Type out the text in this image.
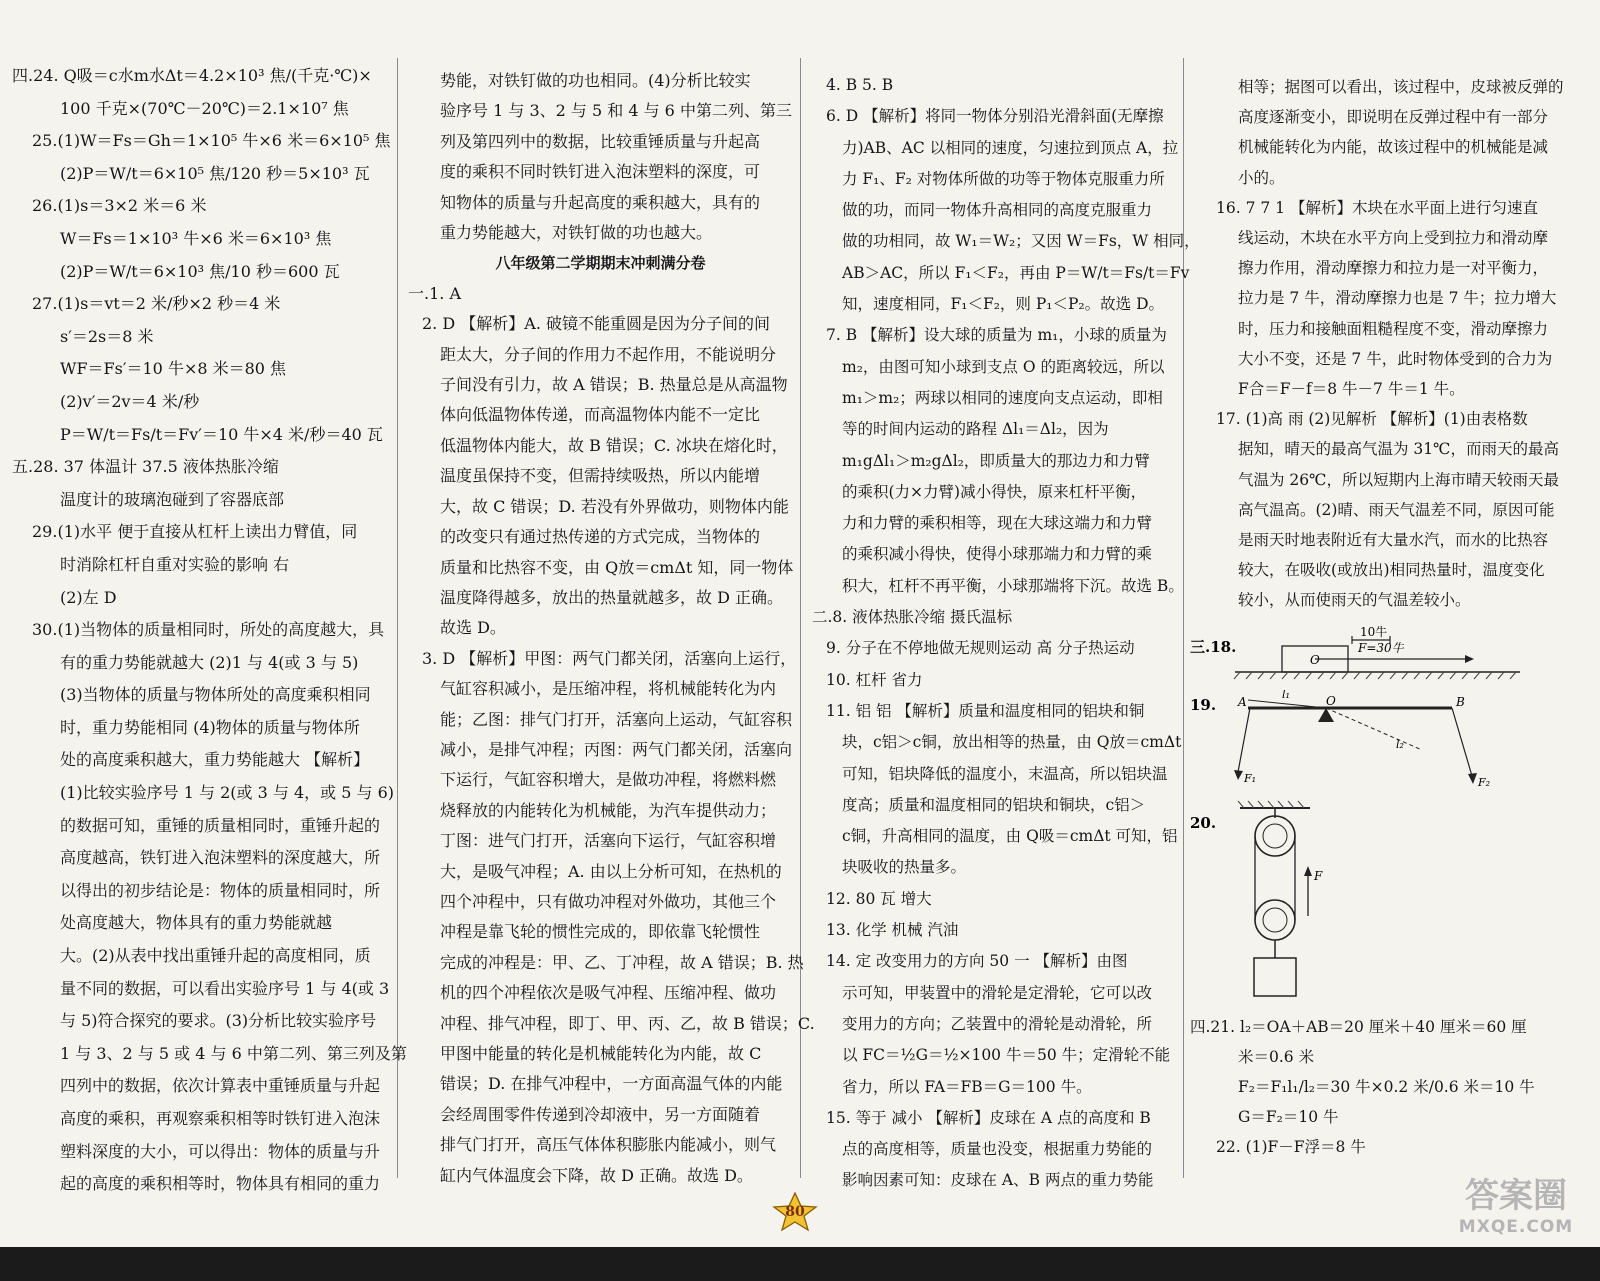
四.24. Q吸＝c水m水Δt＝4.2×10³ 焦/(千克·℃)×

100 千克×(70℃－20℃)＝2.1×10⁷ 焦

25.(1)W＝Fs＝Gh＝1×10⁵ 牛×6 米＝6×10⁵ 焦

(2)P＝W/t＝6×10⁵ 焦/120 秒＝5×10³ 瓦

26.(1)s＝3×2 米＝6 米

W＝Fs＝1×10³ 牛×6 米＝6×10³ 焦

(2)P＝W/t＝6×10³ 焦/10 秒＝600 瓦

27.(1)s＝vt＝2 米/秒×2 秒＝4 米

s′＝2s＝8 米

WF＝Fs′＝10 牛×8 米＝80 焦

(2)v′＝2v＝4 米/秒

P＝W/t＝Fs/t＝Fv′＝10 牛×4 米/秒＝40 瓦

五.28. 37 体温计 37.5 液体热胀冷缩

温度计的玻璃泡碰到了容器底部

29.(1)水平 便于直接从杠杆上读出力臂值，同

时消除杠杆自重对实验的影响 右

(2)左 D

30.(1)当物体的质量相同时，所处的高度越大，具

有的重力势能就越大 (2)1 与 4(或 3 与 5)

(3)当物体的质量与物体所处的高度乘积相同

时，重力势能相同 (4)物体的质量与物体所

处的高度乘积越大，重力势能越大 【解析】

(1)比较实验序号 1 与 2(或 3 与 4，或 5 与 6)

的数据可知，重锤的质量相同时，重锤升起的

高度越高，铁钉进入泡沫塑料的深度越大，所

以得出的初步结论是：物体的质量相同时，所

处高度越大，物体具有的重力势能就越

大。(2)从表中找出重锤升起的高度相同，质

量不同的数据，可以看出实验序号 1 与 4(或 3

与 5)符合探究的要求。(3)分析比较实验序号

1 与 3、2 与 5 或 4 与 6 中第二列、第三列及第

四列中的数据，依次计算表中重锤质量与升起

高度的乘积，再观察乘积相等时铁钉进入泡沫

塑料深度的大小，可以得出：物体的质量与升

起的高度的乘积相等时，物体具有相同的重力

势能，对铁钉做的功也相同。(4)分析比较实

验序号 1 与 3、2 与 5 和 4 与 6 中第二列、第三

列及第四列中的数据，比较重锤质量与升起高

度的乘积不同时铁钉进入泡沫塑料的深度，可

知物体的质量与升起高度的乘积越大，具有的

重力势能越大，对铁钉做的功也越大。

八年级第二学期期末冲刺满分卷

一.1. A

2. D 【解析】A. 破镜不能重圆是因为分子间的间

距太大，分子间的作用力不起作用，不能说明分

子间没有引力，故 A 错误；B. 热量总是从高温物

体向低温物体传递，而高温物体内能不一定比

低温物体内能大，故 B 错误；C. 冰块在熔化时，

温度虽保持不变，但需持续吸热，所以内能增

大，故 C 错误；D. 若没有外界做功，则物体内能

的改变只有通过热传递的方式完成，当物体的

质量和比热容不变，由 Q放＝cmΔt 知，同一物体

温度降得越多，放出的热量就越多，故 D 正确。

故选 D。

3. D 【解析】甲图：两气门都关闭，活塞向上运行，

气缸容积减小，是压缩冲程，将机械能转化为内

能；乙图：排气门打开，活塞向上运动，气缸容积

减小，是排气冲程；丙图：两气门都关闭，活塞向

下运行，气缸容积增大，是做功冲程，将燃料燃

烧释放的内能转化为机械能，为汽车提供动力；

丁图：进气门打开，活塞向下运行，气缸容积增

大，是吸气冲程；A. 由以上分析可知，在热机的

四个冲程中，只有做功冲程对外做功，其他三个

冲程是靠飞轮的惯性完成的，即依靠飞轮惯性

完成的冲程是：甲、乙、丁冲程，故 A 错误；B. 热

机的四个冲程依次是吸气冲程、压缩冲程、做功

冲程、排气冲程，即丁、甲、丙、乙，故 B 错误；C.

甲图中能量的转化是机械能转化为内能，故 C

错误；D. 在排气冲程中，一方面高温气体的内能

会经周围零件传递到冷却液中，另一方面随着

排气门打开，高压气体体积膨胀内能减小，则气

缸内气体温度会下降，故 D 正确。故选 D。

4. B 5. B

6. D 【解析】将同一物体分别沿光滑斜面(无摩擦

力)AB、AC 以相同的速度，匀速拉到顶点 A，拉

力 F₁、F₂ 对物体所做的功等于物体克服重力所

做的功，而同一物体升高相同的高度克服重力

做的功相同，故 W₁＝W₂；又因 W＝Fs，W 相同，

AB＞AC，所以 F₁＜F₂，再由 P＝W/t＝Fs/t＝Fv

知，速度相同，F₁＜F₂，则 P₁＜P₂。故选 D。

7. B 【解析】设大球的质量为 m₁，小球的质量为

m₂，由图可知小球到支点 O 的距离较远，所以

m₁＞m₂；两球以相同的速度向支点运动，即相

等的时间内运动的路程 Δl₁＝Δl₂，因为

m₁gΔl₁＞m₂gΔl₂，即质量大的那边力和力臂

的乘积(力×力臂)减小得快，原来杠杆平衡，

力和力臂的乘积相等，现在大球这端力和力臂

的乘积减小得快，使得小球那端力和力臂的乘

积大，杠杆不再平衡，小球那端将下沉。故选 B。

二.8. 液体热胀冷缩 摄氏温标

9. 分子在不停地做无规则运动 高 分子热运动

10. 杠杆 省力

11. 铝 铝 【解析】质量和温度相同的铝块和铜

块，c铝＞c铜，放出相等的热量，由 Q放＝cmΔt

可知，铝块降低的温度小，末温高，所以铝块温

度高；质量和温度相同的铝块和铜块，c铝＞

c铜，升高相同的温度，由 Q吸＝cmΔt 可知，铝

块吸收的热量多。

12. 80 瓦 增大

13. 化学 机械 汽油

14. 定 改变用力的方向 50 一 【解析】由图

示可知，甲装置中的滑轮是定滑轮，它可以改

变用力的方向；乙装置中的滑轮是动滑轮，所

以 FC＝½G＝½×100 牛＝50 牛；定滑轮不能

省力，所以 FA＝FB＝G＝100 牛。

15. 等于 减小 【解析】皮球在 A 点的高度和 B

点的高度相等，质量也没变，根据重力势能的

影响因素可知：皮球在 A、B 两点的重力势能

相等；据图可以看出，该过程中，皮球被反弹的

高度逐渐变小，即说明在反弹过程中有一部分

机械能转化为内能，故该过程中的机械能是减

小的。

16. 7 7 1 【解析】木块在水平面上进行匀速直

线运动，木块在水平方向上受到拉力和滑动摩

擦力作用，滑动摩擦力和拉力是一对平衡力，

拉力是 7 牛，滑动摩擦力也是 7 牛；拉力增大

时，压力和接触面粗糙程度不变，滑动摩擦力

大小不变，还是 7 牛，此时物体受到的合力为

F合＝F－f＝8 牛－7 牛＝1 牛。

17. (1)高 雨 (2)见解析 【解析】(1)由表格数

据知，晴天的最高气温为 31℃，而雨天的最高

气温为 26℃，所以短期内上海市晴天较雨天最

高气温高。(2)晴、雨天气温差不同，原因可能

是雨天时地表附近有大量水汽，而水的比热容

较大，在吸收(或放出)相同热量时，温度变化

较小，从而使雨天的气温差较小。

三.18.
10牛
O
F=30牛
19.	O
A	B
l₁
F₁
l₂
F₂
20.
F

四.21. l₂＝OA＋AB＝20 厘米＋40 厘米＝60 厘

米＝0.6 米

F₂＝F₁l₁/l₂＝30 牛×0.2 米/0.6 米＝10 牛

G＝F₂＝10 牛

22. (1)F－F浮＝8 牛

80	答案圈
MXQE.COM
